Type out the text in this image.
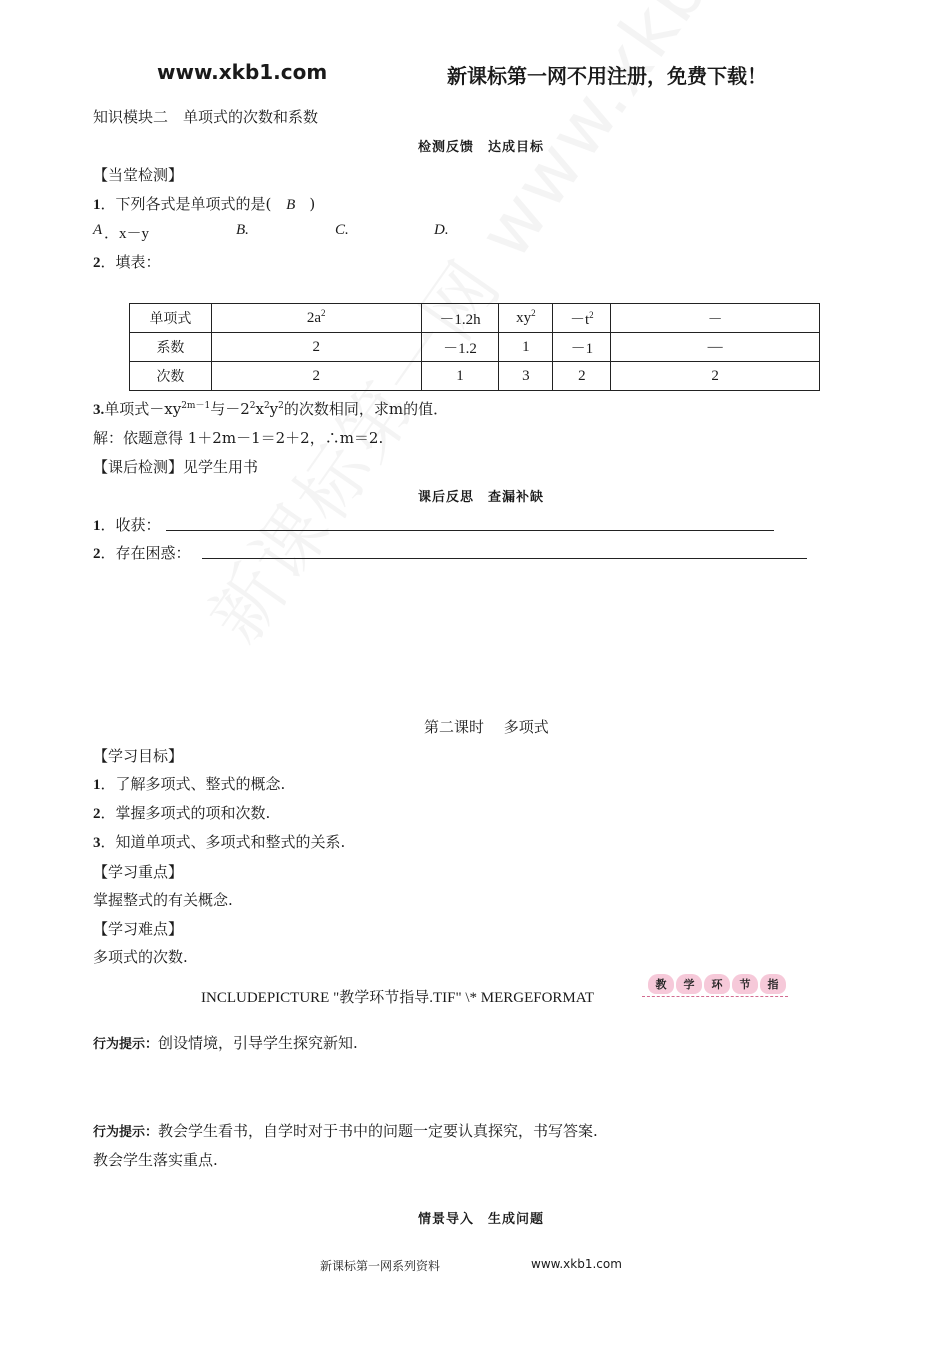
www.xkb1.com	新课标第一网不用注册，免费下载！
知识模块二　单项式的次数和系数
检测反馈　达成目标
【当堂检测】
1．下列各式是单项式的是( B )
A ．x－y	B.	C.	D.
2．填表：
单项式	$2a^2$	－1.2h	$xy^2$	$-t^2$	－
系数	2	－1.2	1	－1	—
次数	2	1	3	2	2
3.单项式$-xy^{2m-1}$与$-2^2x^2y^2$的次数相同，求m的值．
解：依题意得 1＋2m－1＝2＋2，∴m＝2.
【课后检测】见学生用书
课后反思　查漏补缺
1．收获：
2．存在困惑：
第二课时　 多项式
【学习目标】
1．了解多项式、整式的概念.
2．掌握多项式的项和次数.
3．知道单项式、多项式和整式的关系.
【学习重点】
掌握整式的有关概念.
【学习难点】
多项式的次数.
INCLUDEPICTURE "教学环节指导.TIF" \* MERGEFORMAT
教	学	环	节	指
行为提示：创设情境，引导学生探究新知.
行为提示：教会学生看书，自学时对于书中的问题一定要认真探究，书写答案.
教会学生落实重点.
情景导入　生成问题
新课标第一网系列资料	www.xkb1.com
